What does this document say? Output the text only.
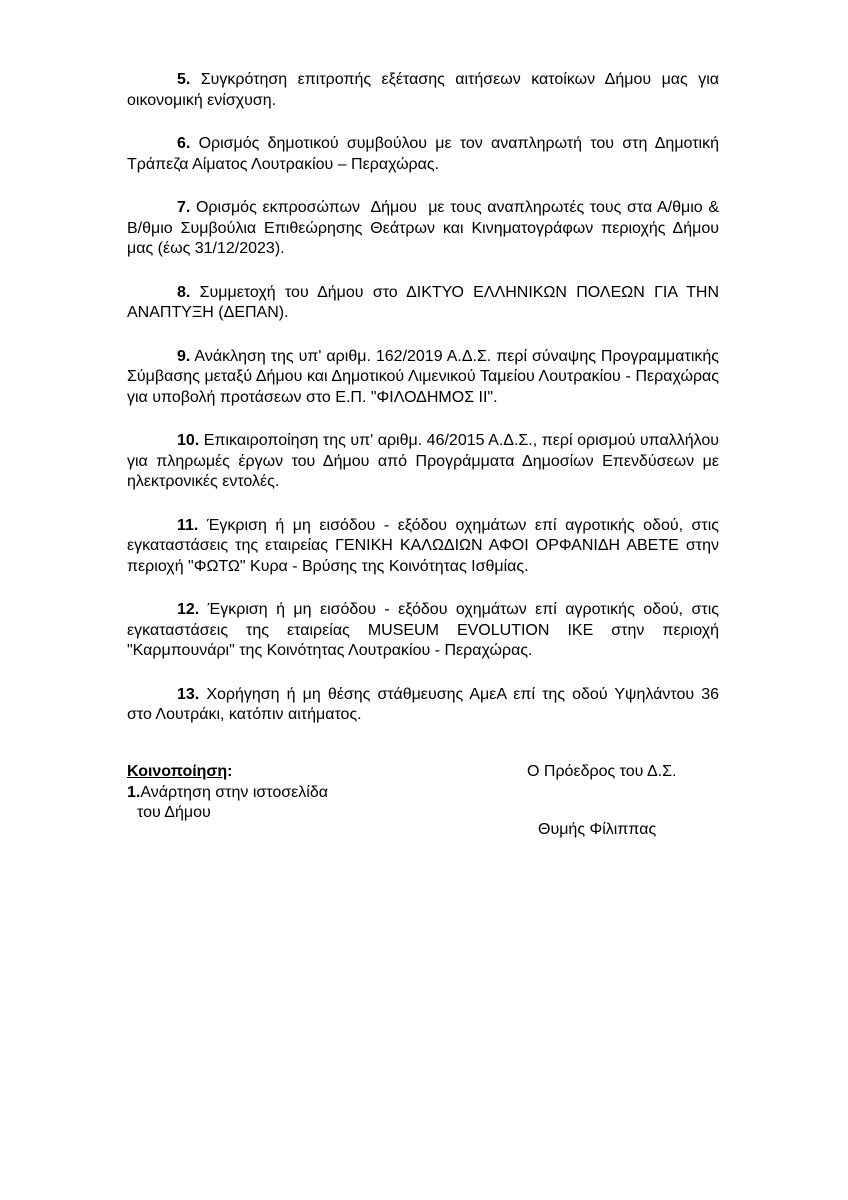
5. Συγκρότηση επιτροπής εξέτασης αιτήσεων κατοίκων Δήμου μας για οικονομική ενίσχυση.

6. Ορισμός δημοτικού συμβούλου με τον αναπληρωτή του στη Δημοτική Τράπεζα Αίματος Λουτρακίου – Περαχώρας.

7. Ορισμός εκπροσώπων  Δήμου  με τους αναπληρωτές τους στα Α/θμιο & Β/θμιο Συμβούλια Επιθεώρησης Θεάτρων και Κινηματογράφων περιοχής Δήμου μας (έως 31/12/2023).

8. Συμμετοχή του Δήμου στο ΔΙΚΤΥΟ ΕΛΛΗΝΙΚΩΝ ΠΟΛΕΩΝ ΓΙΑ ΤΗΝ ΑΝΑΠΤΥΞΗ (ΔΕΠΑΝ).

9. Ανάκληση της υπ' αριθμ. 162/2019 Α.Δ.Σ. περί σύναψης Προγραμματικής Σύμβασης μεταξύ Δήμου και Δημοτικού Λιμενικού Ταμείου Λουτρακίου - Περαχώρας για υποβολή προτάσεων στο Ε.Π. "ΦΙΛΟΔΗΜΟΣ ΙΙ".

10. Επικαιροποίηση της υπ' αριθμ. 46/2015 Α.Δ.Σ., περί ορισμού υπαλλήλου για πληρωμές έργων του Δήμου από Προγράμματα Δημοσίων Επενδύσεων με ηλεκτρονικές εντολές.

11. Έγκριση ή μη εισόδου - εξόδου οχημάτων επί αγροτικής οδού, στις εγκαταστάσεις της εταιρείας ΓΕΝΙΚΗ ΚΑΛΩΔΙΩΝ ΑΦΟΙ ΟΡΦΑΝΙΔΗ ΑΒΕΤΕ στην περιοχή "ΦΩΤΩ" Κυρα - Βρύσης της Κοινότητας Ισθμίας.

12. Έγκριση ή μη εισόδου - εξόδου οχημάτων επί αγροτικής οδού, στις εγκαταστάσεις της εταιρείας MUSEUM EVOLUTION ΙΚΕ στην περιοχή "Καρμπουνάρι" της Κοινότητας Λουτρακίου - Περαχώρας.

13. Χορήγηση ή μη θέσης στάθμευσης ΑμεΑ επί της οδού Υψηλάντου 36 στο Λουτράκι, κατόπιν αιτήματος.

Κοινοποίηση:
1.Ανάρτηση στην ιστοσελίδα
του Δήμου
Ο Πρόεδρος του Δ.Σ.
Θυμής Φίλιππας
